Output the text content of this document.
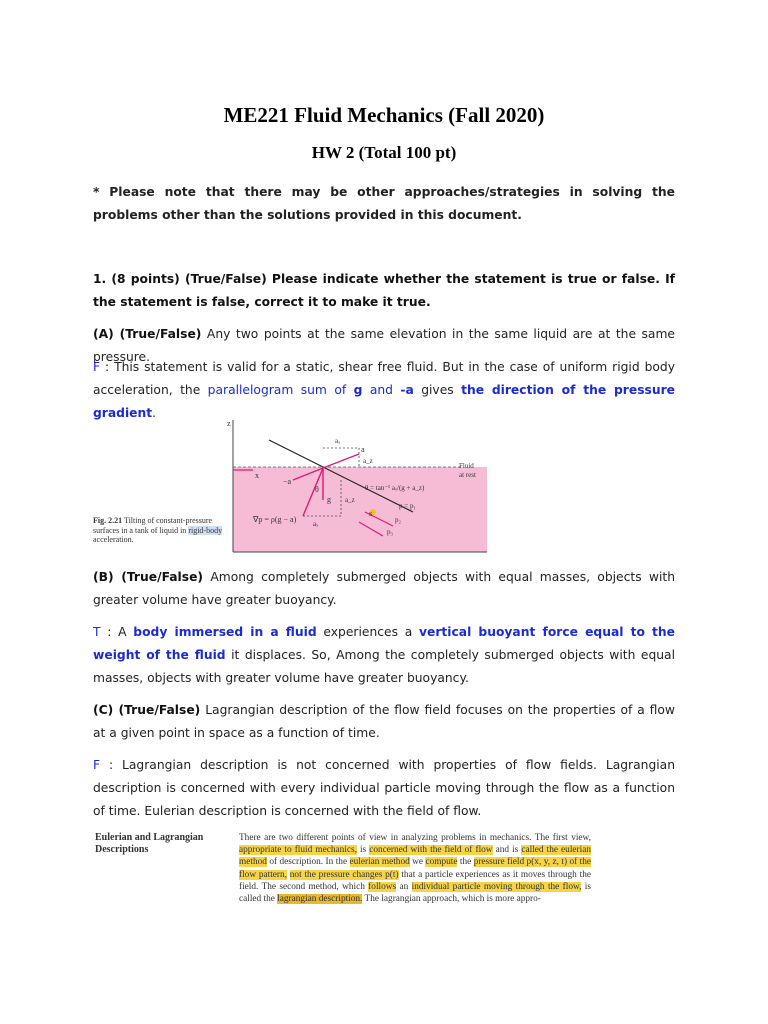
ME221 Fluid Mechanics (Fall 2020)
HW 2 (Total 100 pt)
* Please note that there may be other approaches/strategies in solving the problems other than the solutions provided in this document.
1. (8 points) (True/False) Please indicate whether the statement is true or false. If the statement is false, correct it to make it true.
(A) (True/False) Any two points at the same elevation in the same liquid are at the same pressure.
F : This statement is valid for a static, shear free fluid. But in the case of uniform rigid body acceleration, the parallelogram sum of g and -a gives the direction of the pressure gradient.
z
x
a
−a
g
θ
aₓ
a_z
aₓ
a_z
∇p = ρ(g − a)
θ = tan⁻¹ aₓ/(g + a_z)
p = p₁
p₂
p₃
S
Fluid
at rest
Fig. 2.21 Tilting of constant-pressure surfaces in a tank of liquid in rigid-body acceleration.
(B) (True/False) Among completely submerged objects with equal masses, objects with greater volume have greater buoyancy.
T : A body immersed in a fluid experiences a vertical buoyant force equal to the weight of the fluid it displaces. So, Among the completely submerged objects with equal masses, objects with greater volume have greater buoyancy.
(C) (True/False) Lagrangian description of the flow field focuses on the properties of a flow at a given point in space as a function of time.
F : Lagrangian description is not concerned with properties of flow fields. Lagrangian description is concerned with every individual particle moving through the flow as a function of time. Eulerian description is concerned with the field of flow.
Eulerian and Lagrangian Descriptions
There are two different points of view in analyzing problems in mechanics. The first view, appropriate to fluid mechanics, is concerned with the field of flow and is called the eulerian method of description. In the eulerian method we compute the pressure field p(x, y, z, t) of the flow pattern, not the pressure changes p(t) that a particle experiences as it moves through the field. The second method, which follows an individual particle moving through the flow, is called the lagrangian description. The lagrangian approach, which is more appro-
